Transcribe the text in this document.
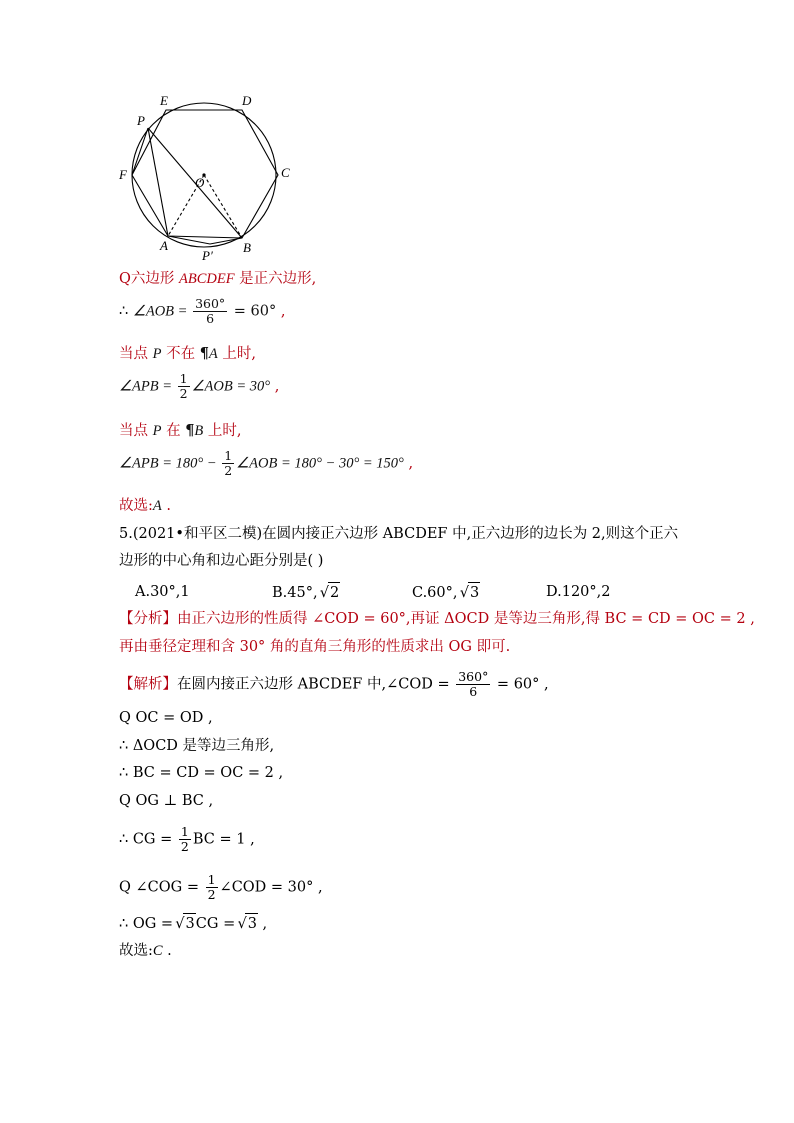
E	D
P
F	C
O
A	B
P′
Q六边形 ABCDEF 是正六边形,
∴ ∠AOB = $\frac{360^\circ}{6} = 60^\circ$ ,
当点 P 不在 ¶A 上时,
∠APB = $\frac{1}{2}$ ∠AOB = 30° ,
当点 P 在 ¶B 上时,
∠APB = $180^\circ - \frac{1}{2}$ ∠AOB = 180° − 30° = 150° ,
故选:A .
5.(2021•和平区二模)在圆内接正六边形 ABCDEF 中,正六边形的边长为 2,则这个正六
边形的中心角和边心距分别是( )
A.30°,1	B.45°, √ 2	C.60°, √ 3	D.120°,2
【分析】由正六边形的性质得 ∠COD = 60°,再证 ΔOCD 是等边三角形,得 BC = CD = OC = 2 ,
再由垂径定理和含 30° 角的直角三角形的性质求出 OG 即可.
【解析】在圆内接正六边形 ABCDEF 中,∠COD = $\frac{360^\circ}{6} = 60^\circ$ ,
Q OC = OD ,
∴ ΔOCD 是等边三角形,
∴ BC = CD = OC = 2 ,
Q OG ⊥ BC ,
∴ CG = $\frac{1}{2}$ BC = 1 ,
Q ∠COG = $\frac{1}{2}$ ∠COD = 30° ,
∴ OG =  √ 3CG =  √ 3 ,
故选:C .
